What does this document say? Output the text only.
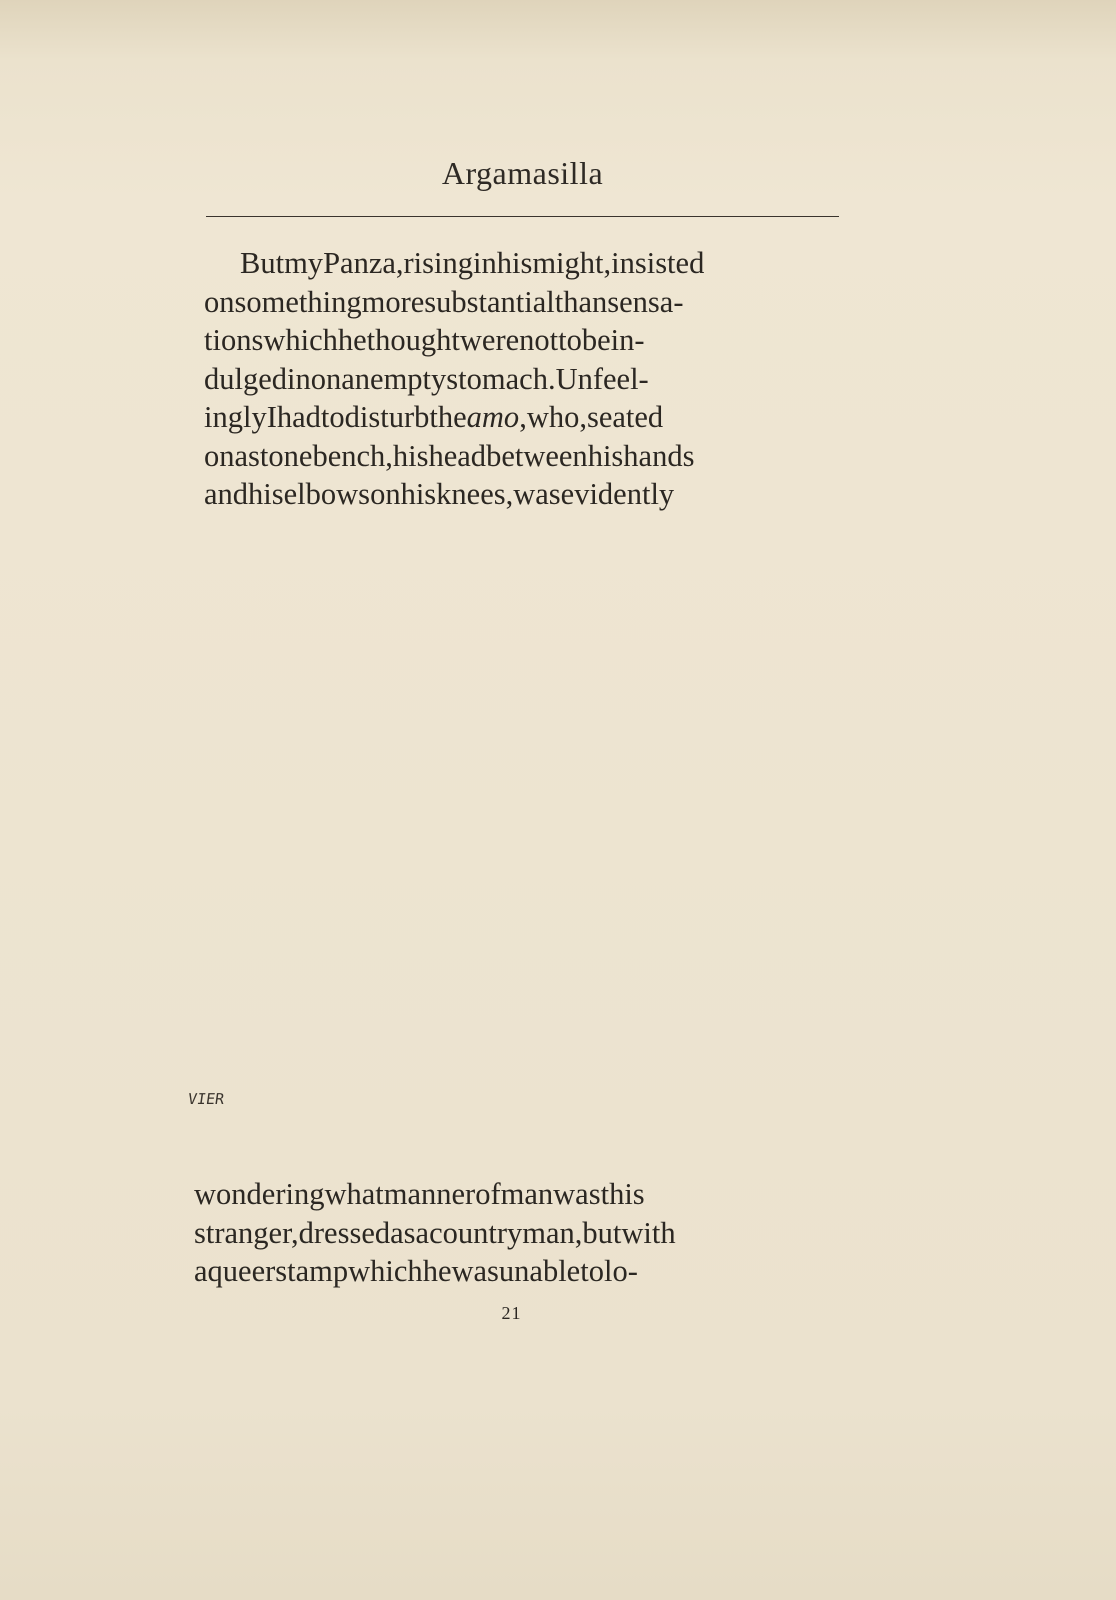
Argamasilla
ButmyPanza,risinginhismight,insisted
onsomethingmoresubstantialthansensa-
tionswhichhethoughtwerenottobein-
dulgedinonanemptystomach.Unfeel-
inglyIhadtodisturbtheamo,who,seated
onastonebench,hisheadbetweenhishands
andhiselbowsonhisknees,wasevidently
VIER
wonderingwhatmannerofmanwasthis
stranger,dressedasacountryman,butwith
aqueerstampwhichhewasunabletolo-
21
